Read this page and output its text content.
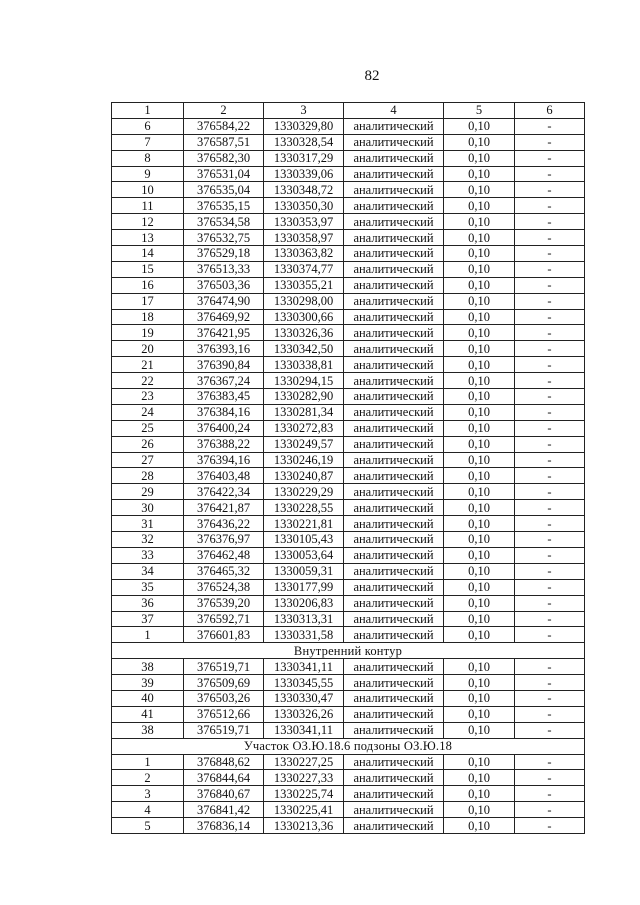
82
1	2	3	4	5	6
6	376584,22	1330329,80	аналитический	0,10	-
7	376587,51	1330328,54	аналитический	0,10	-
8	376582,30	1330317,29	аналитический	0,10	-
9	376531,04	1330339,06	аналитический	0,10	-
10	376535,04	1330348,72	аналитический	0,10	-
11	376535,15	1330350,30	аналитический	0,10	-
12	376534,58	1330353,97	аналитический	0,10	-
13	376532,75	1330358,97	аналитический	0,10	-
14	376529,18	1330363,82	аналитический	0,10	-
15	376513,33	1330374,77	аналитический	0,10	-
16	376503,36	1330355,21	аналитический	0,10	-
17	376474,90	1330298,00	аналитический	0,10	-
18	376469,92	1330300,66	аналитический	0,10	-
19	376421,95	1330326,36	аналитический	0,10	-
20	376393,16	1330342,50	аналитический	0,10	-
21	376390,84	1330338,81	аналитический	0,10	-
22	376367,24	1330294,15	аналитический	0,10	-
23	376383,45	1330282,90	аналитический	0,10	-
24	376384,16	1330281,34	аналитический	0,10	-
25	376400,24	1330272,83	аналитический	0,10	-
26	376388,22	1330249,57	аналитический	0,10	-
27	376394,16	1330246,19	аналитический	0,10	-
28	376403,48	1330240,87	аналитический	0,10	-
29	376422,34	1330229,29	аналитический	0,10	-
30	376421,87	1330228,55	аналитический	0,10	-
31	376436,22	1330221,81	аналитический	0,10	-
32	376376,97	1330105,43	аналитический	0,10	-
33	376462,48	1330053,64	аналитический	0,10	-
34	376465,32	1330059,31	аналитический	0,10	-
35	376524,38	1330177,99	аналитический	0,10	-
36	376539,20	1330206,83	аналитический	0,10	-
37	376592,71	1330313,31	аналитический	0,10	-
1	376601,83	1330331,58	аналитический	0,10	-
Внутренний контур					
38	376519,71	1330341,11	аналитический	0,10	-
39	376509,69	1330345,55	аналитический	0,10	-
40	376503,26	1330330,47	аналитический	0,10	-
41	376512,66	1330326,26	аналитический	0,10	-
38	376519,71	1330341,11	аналитический	0,10	-
Участок ОЗ.Ю.18.6 подзоны ОЗ.Ю.18					
1	376848,62	1330227,25	аналитический	0,10	-
2	376844,64	1330227,33	аналитический	0,10	-
3	376840,67	1330225,74	аналитический	0,10	-
4	376841,42	1330225,41	аналитический	0,10	-
5	376836,14	1330213,36	аналитический	0,10	-
